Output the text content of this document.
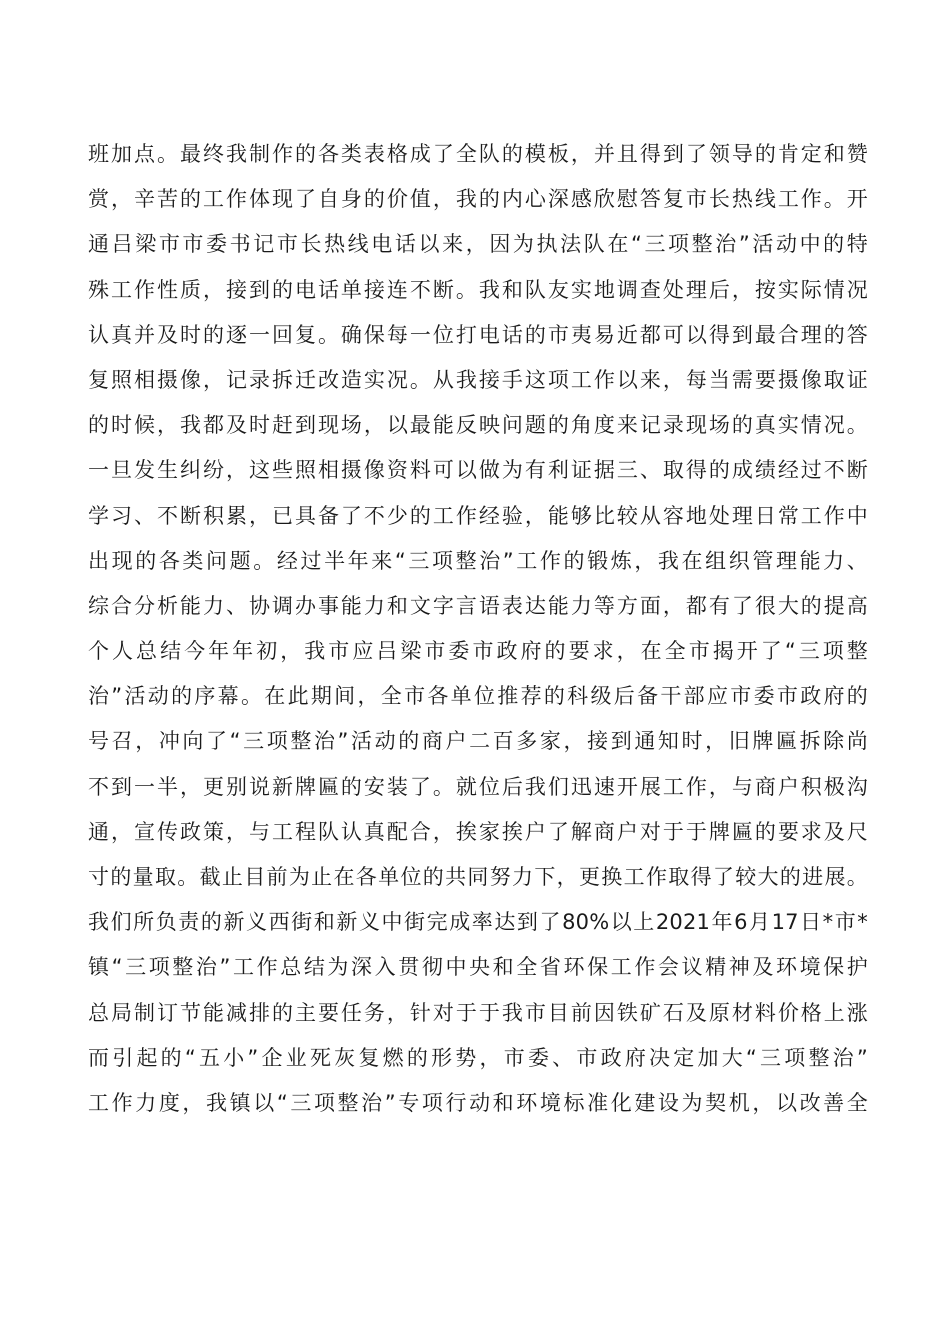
班加点。最终我制作的各类表格成了全队的模板，并且得到了领导的肯定和赞
赏，辛苦的工作体现了自身的价值，我的内心深感欣慰答复市长热线工作。开
通吕梁市市委书记市长热线电话以来，因为执法队在“三项整治”活动中的特
殊工作性质，接到的电话单接连不断。我和队友实地调查处理后，按实际情况
认真并及时的逐一回复。确保每一位打电话的市夷易近都可以得到最合理的答
复照相摄像，记录拆迁改造实况。从我接手这项工作以来，每当需要摄像取证
的时候，我都及时赶到现场，以最能反映问题的角度来记录现场的真实情况。
一旦发生纠纷，这些照相摄像资料可以做为有利证据三、取得的成绩经过不断
学习、不断积累，已具备了不少的工作经验，能够比较从容地处理日常工作中
出现的各类问题。经过半年来“三项整治”工作的锻炼，我在组织管理能力、
综合分析能力、协调办事能力和文字言语表达能力等方面，都有了很大的提高
个人总结今年年初，我市应吕梁市委市政府的要求，在全市揭开了“三项整
治”活动的序幕。在此期间，全市各单位推荐的科级后备干部应市委市政府的
号召，冲向了“三项整治”活动的商户二百多家，接到通知时，旧牌匾拆除尚
不到一半，更别说新牌匾的安装了。就位后我们迅速开展工作，与商户积极沟
通，宣传政策，与工程队认真配合，挨家挨户了解商户对于于牌匾的要求及尺
寸的量取。截止目前为止在各单位的共同努力下，更换工作取得了较大的进展。
我们所负责的新义西街和新义中街完成率达到了80%以上2021年6月17日*市*
镇“三项整治”工作总结为深入贯彻中央和全省环保工作会议精神及环境保护
总局制订节能减排的主要任务，针对于于我市目前因铁矿石及原材料价格上涨
而引起的“五小”企业死灰复燃的形势，市委、市政府决定加大“三项整治”
工作力度，我镇以“三项整治”专项行动和环境标准化建设为契机，以改善全
